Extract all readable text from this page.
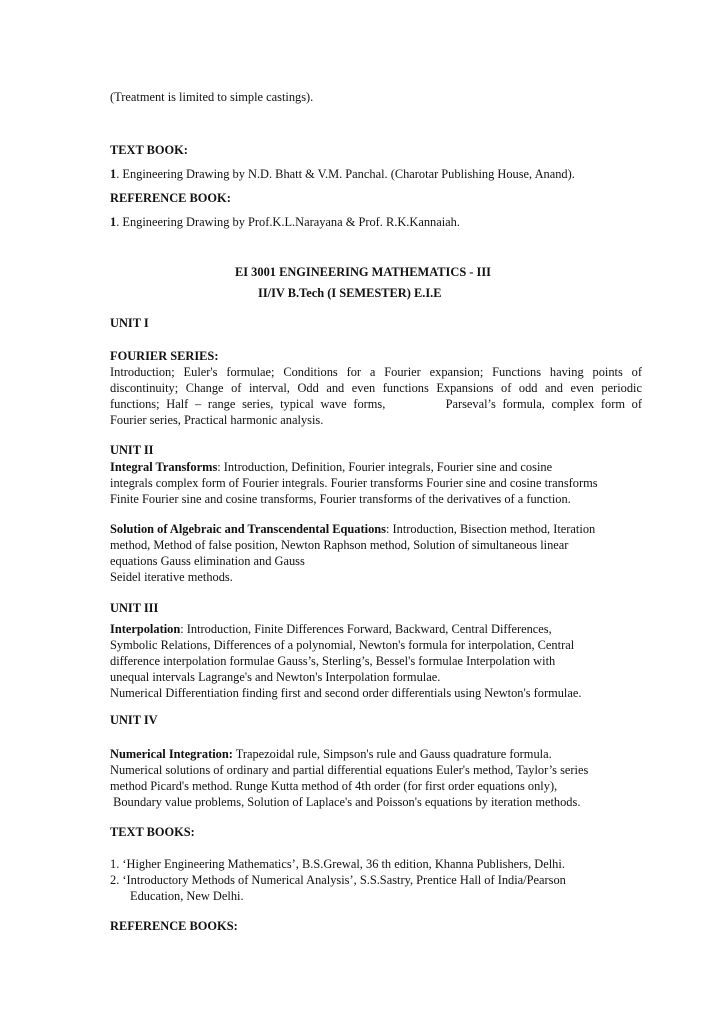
(Treatment is limited to simple castings).
TEXT BOOK:
1. Engineering Drawing by N.D. Bhatt & V.M. Panchal. (Charotar Publishing House, Anand).
REFERENCE BOOK:
1. Engineering Drawing by Prof.K.L.Narayana & Prof. R.K.Kannaiah.
EI 3001 ENGINEERING MATHEMATICS - III
II/IV B.Tech (I SEMESTER) E.I.E
UNIT I
FOURIER SERIES:
Introduction; Euler's formulae; Conditions for a Fourier expansion; Functions having points of
discontinuity; Change of interval, Odd and even functions Expansions of odd and even periodic
functions; Half – range series, typical wave forms,         Parseval’s formula, complex form of
Fourier series, Practical harmonic analysis.
UNIT II
Integral Transforms: Introduction, Definition, Fourier integrals, Fourier sine and cosine
integrals complex form of Fourier integrals. Fourier transforms Fourier sine and cosine transforms
Finite Fourier sine and cosine transforms, Fourier transforms of the derivatives of a function.
Solution of Algebraic and Transcendental Equations: Introduction, Bisection method, Iteration
method, Method of false position, Newton Raphson method, Solution of simultaneous linear
equations Gauss elimination and Gauss
Seidel iterative methods.
UNIT III
Interpolation: Introduction, Finite Differences Forward, Backward, Central Differences,
Symbolic Relations, Differences of a polynomial, Newton's formula for interpolation, Central
difference interpolation formulae Gauss’s, Sterling’s, Bessel's formulae Interpolation with
unequal intervals Lagrange's and Newton's Interpolation formulae.
Numerical Differentiation finding first and second order differentials using Newton's formulae.
UNIT IV
Numerical Integration: Trapezoidal rule, Simpson's rule and Gauss quadrature formula.
Numerical solutions of ordinary and partial differential equations Euler's method, Taylor’s series
method Picard's method. Runge Kutta method of 4th order (for first order equations only),
Boundary value problems, Solution of Laplace's and Poisson's equations by iteration methods.
TEXT BOOKS:
1. ‘Higher Engineering Mathematics’, B.S.Grewal, 36 th edition, Khanna Publishers, Delhi.
2. ‘Introductory Methods of Numerical Analysis’, S.S.Sastry, Prentice Hall of India/Pearson
Education, New Delhi.
REFERENCE BOOKS:
